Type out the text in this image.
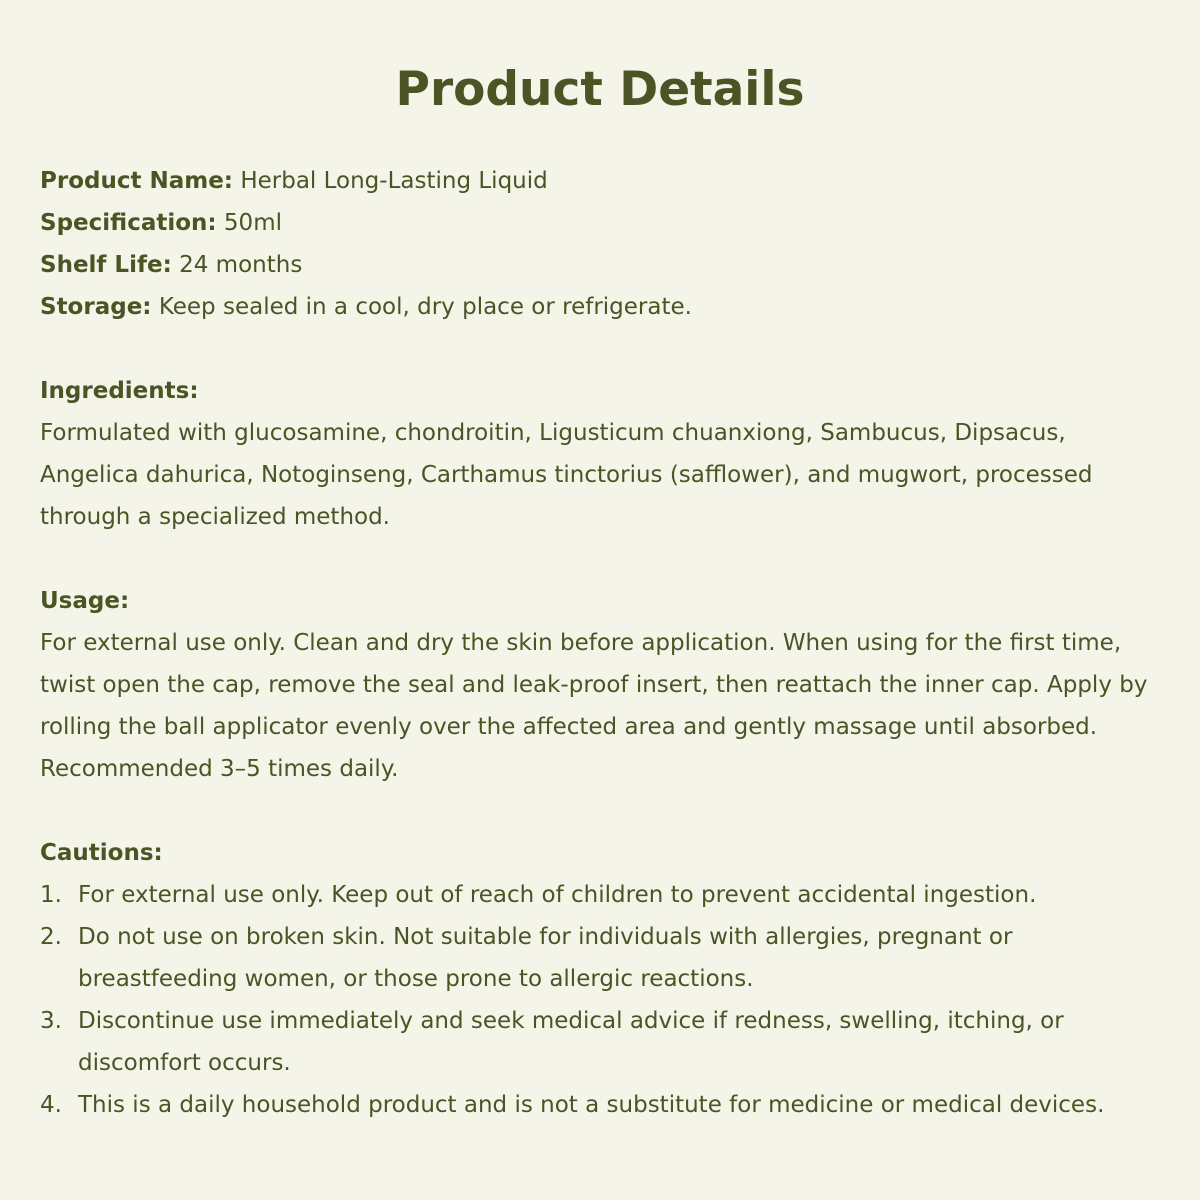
Product Details
Product Name: Herbal Long-Lasting Liquid
Specification: 50ml
Shelf Life: 24 months
Storage: Keep sealed in a cool, dry place or refrigerate.
Ingredients:
Formulated with glucosamine, chondroitin, Ligusticum chuanxiong, Sambucus, Dipsacus, Angelica dahurica, Notoginseng, Carthamus tinctorius (safflower), and mugwort, processed through a specialized method.
Usage:
For external use only. Clean and dry the skin before application. When using for the first time, twist open the cap, remove the seal and leak-proof insert, then reattach the inner cap. Apply by rolling the ball applicator evenly over the affected area and gently massage until absorbed. Recommended 3–5 times daily.
Cautions:
1. For external use only. Keep out of reach of children to prevent accidental ingestion.
2. Do not use on broken skin. Not suitable for individuals with allergies, pregnant or breastfeeding women, or those prone to allergic reactions.
3. Discontinue use immediately and seek medical advice if redness, swelling, itching, or discomfort occurs.
4. This is a daily household product and is not a substitute for medicine or medical devices.
